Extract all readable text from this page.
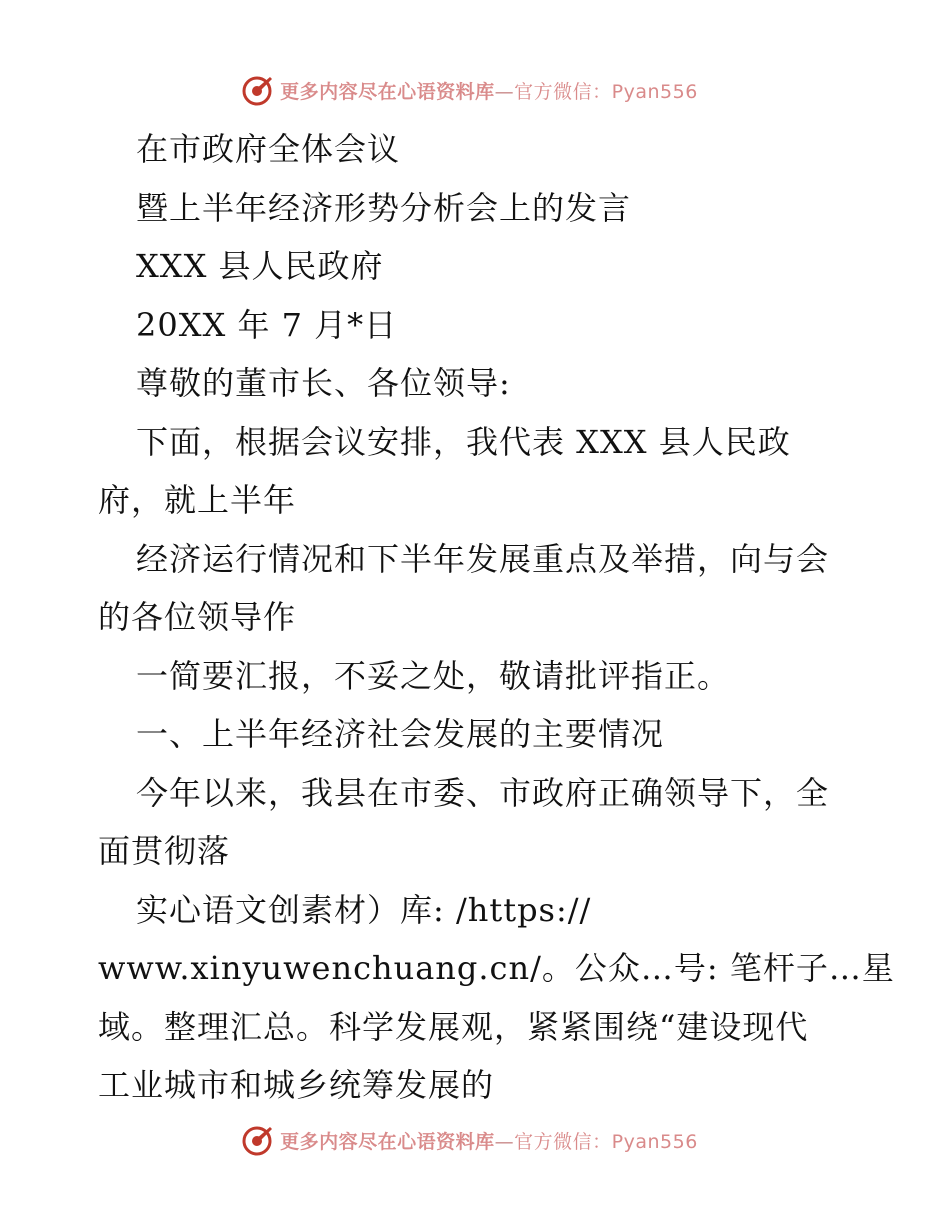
更多内容尽在心语资料库—官方微信：Pyan556
在市政府全体会议
暨上半年经济形势分析会上的发言
XXX 县人民政府
20XX 年 7 月*日
尊敬的董市长、各位领导:
下面，根据会议安排，我代表 XXX 县人民政
府，就上半年
经济运行情况和下半年发展重点及举措，向与会
的各位领导作
一简要汇报，不妥之处，敬请批评指正。
一、上半年经济社会发展的主要情况
今年以来，我县在市委、市政府正确领导下，全
面贯彻落
实心语文创素材）库: /https://
www.xinyuwenchuang.cn/。公众…号: 笔杆子…星
域。整理汇总。科学发展观，紧紧围绕“建设现代
工业城市和城乡统筹发展的
更多内容尽在心语资料库—官方微信：Pyan556
